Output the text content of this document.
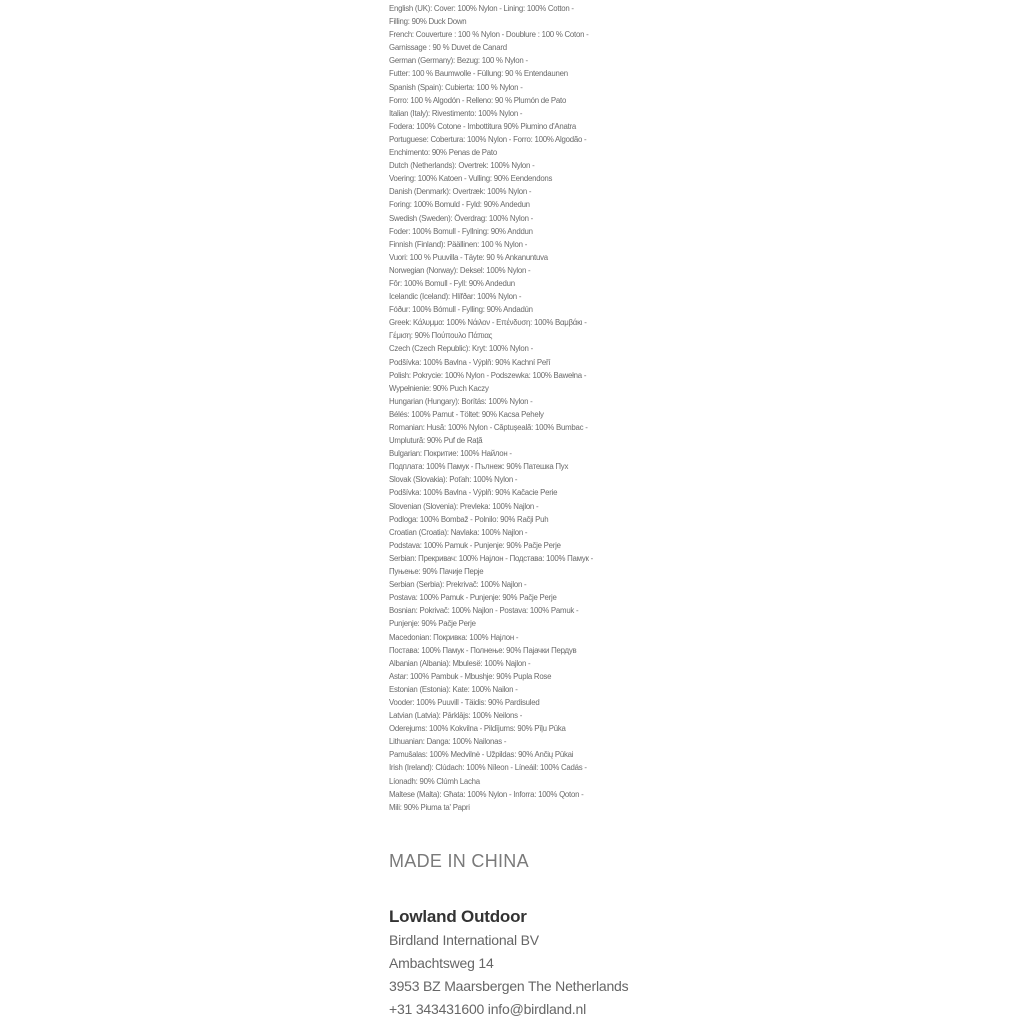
English (UK): Cover: 100% Nylon - Lining: 100% Cotton -
Filling: 90% Duck Down
French: Couverture : 100 % Nylon - Doublure : 100 % Coton -
Garnissage : 90 % Duvet de Canard
German (Germany): Bezug: 100 % Nylon -
Futter: 100 % Baumwolle - Füllung: 90 % Entendaunen
Spanish (Spain): Cubierta: 100 % Nylon -
Forro: 100 % Algodón - Relleno: 90 % Plumón de Pato
Italian (Italy): Rivestimento: 100% Nylon -
Fodera: 100% Cotone - Imbottitura 90% Piumino d'Anatra
Portuguese: Cobertura: 100% Nylon - Forro: 100% Algodão -
Enchimento: 90% Penas de Pato
Dutch (Netherlands): Overtrek: 100% Nylon -
Voering: 100% Katoen - Vulling: 90% Eendendons
Danish (Denmark): Overtræk: 100% Nylon -
Foring: 100% Bomuld - Fyld: 90% Andedun
Swedish (Sweden): Överdrag: 100% Nylon -
Foder: 100% Bomull - Fyllning: 90% Anddun
Finnish (Finland): Päällinen: 100 % Nylon -
Vuori: 100 % Puuvilla - Täyte: 90 % Ankanuntuva
Norwegian (Norway): Deksel: 100% Nylon -
Fôr: 100% Bomull - Fyll: 90% Andedun
Icelandic (Iceland): Hlífðar: 100% Nylon -
Fóður: 100% Bómull - Fylling: 90% Andadún
Greek: Κάλυμμα: 100% Νάιλον - Επένδυση: 100% Βαμβάκι -
Γέμιση: 90% Πούπουλο Πάπιας
Czech (Czech Republic): Kryt: 100% Nylon -
Podšívka: 100% Bavlna - Výplň: 90% Kachní Peří
Polish: Pokrycie: 100% Nylon - Podszewka: 100% Bawełna -
Wypełnienie: 90% Puch Kaczy
Hungarian (Hungary): Borítás: 100% Nylon -
Bélés: 100% Pamut - Töltet: 90% Kacsa Pehely
Romanian: Husă: 100% Nylon - Căptușeală: 100% Bumbac -
Umplutură: 90% Puf de Rață
Bulgarian: Покритие: 100% Найлон -
Подплата: 100% Памук - Пълнеж: 90% Патешка Пух
Slovak (Slovakia): Poťah: 100% Nylon -
Podšívka: 100% Bavlna - Výplň: 90% Kačacie Perie
Slovenian (Slovenia): Prevleka: 100% Najlon -
Podloga: 100% Bombaž - Polnilo: 90% Račji Puh
Croatian (Croatia): Navlaka: 100% Najlon -
Podstava: 100% Pamuk - Punjenje: 90% Pačje Perje
Serbian: Прекривач: 100% Најлон - Подстава: 100% Памук -
Пуњење: 90% Пачије Перје
Serbian (Serbia): Prekrivač: 100% Najlon -
Postava: 100% Pamuk - Punjenje: 90% Pačje Perje
Bosnian: Pokrivač: 100% Najlon - Postava: 100% Pamuk -
Punjenje: 90% Pačje Perje
Macedonian: Покривка: 100% Најлон -
Постава: 100% Памук - Полнење: 90% Пајачки Пердув
Albanian (Albania): Mbulesë: 100% Najlon -
Astar: 100% Pambuk - Mbushje: 90% Pupla Rose
Estonian (Estonia): Kate: 100% Nailon -
Vooder: 100% Puuvill - Täidis: 90% Pardisuled
Latvian (Latvia): Pārklājs: 100% Neilons -
Oderejums: 100% Kokvilna - Pildījums: 90% Pīļu Pūka
Lithuanian: Danga: 100% Nailonas -
Pamušalas: 100% Medvilnė - Užpildas: 90% Ančių Pūkai
Irish (Ireland): Clúdach: 100% Níleon - Líneáil: 100% Cadás -
Líonadh: 90% Clúmh Lacha
Maltese (Malta): Għata: 100% Nylon - Inforra: 100% Qoton -
Mili: 90% Piuma ta' Papri
MADE IN CHINA
Lowland Outdoor
Birdland International BV
Ambachtsweg 14
3953 BZ Maarsbergen The Netherlands
+31 343431600 info@birdland.nl
